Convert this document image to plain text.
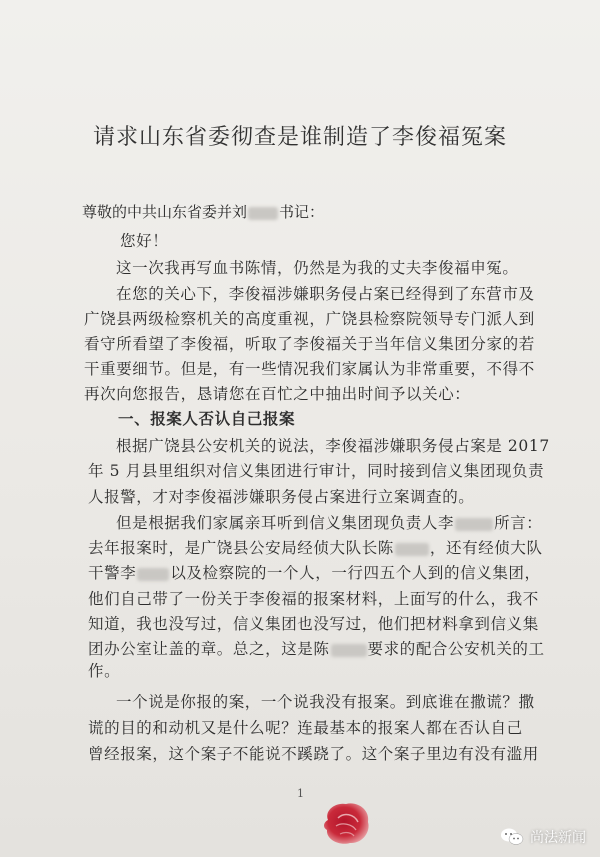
请求山东省委彻查是谁制造了李俊福冤案
尊敬的中共山东省委并刘 书记：
您好！
这一次我再写血书陈情，仍然是为我的丈夫李俊福申冤。
在您的关心下，李俊福涉嫌职务侵占案已经得到了东营市及
广饶县两级检察机关的高度重视，广饶县检察院领导专门派人到
看守所看望了李俊福，听取了李俊福关于当年信义集团分家的若
干重要细节。但是，有一些情况我们家属认为非常重要，不得不
再次向您报告，恳请您在百忙之中抽出时间予以关心：
一、报案人否认自己报案
根据广饶县公安机关的说法，李俊福涉嫌职务侵占案是 2017
年 5 月县里组织对信义集团进行审计，同时接到信义集团现负责
人报警，才对李俊福涉嫌职务侵占案进行立案调查的。
但是根据我们家属亲耳听到信义集团现负责人李	所言：
去年报案时，是广饶县公安局经侦大队长陈 ，还有经侦大队
干警李 以及检察院的一个人，一行四五个人到的信义集团，
他们自己带了一份关于李俊福的报案材料，上面写的什么，我不
知道，我也没写过，信义集团也没写过，他们把材料拿到信义集
团办公室让盖的章。总之，这是陈 要求的配合公安机关的工
作。
一个说是你报的案，一个说我没有报案。到底谁在撒谎？撒
谎的目的和动机又是什么呢？连最基本的报案人都在否认自己
曾经报案，这个案子不能说不蹊跷了。这个案子里边有没有滥用
1
尚法新闻
